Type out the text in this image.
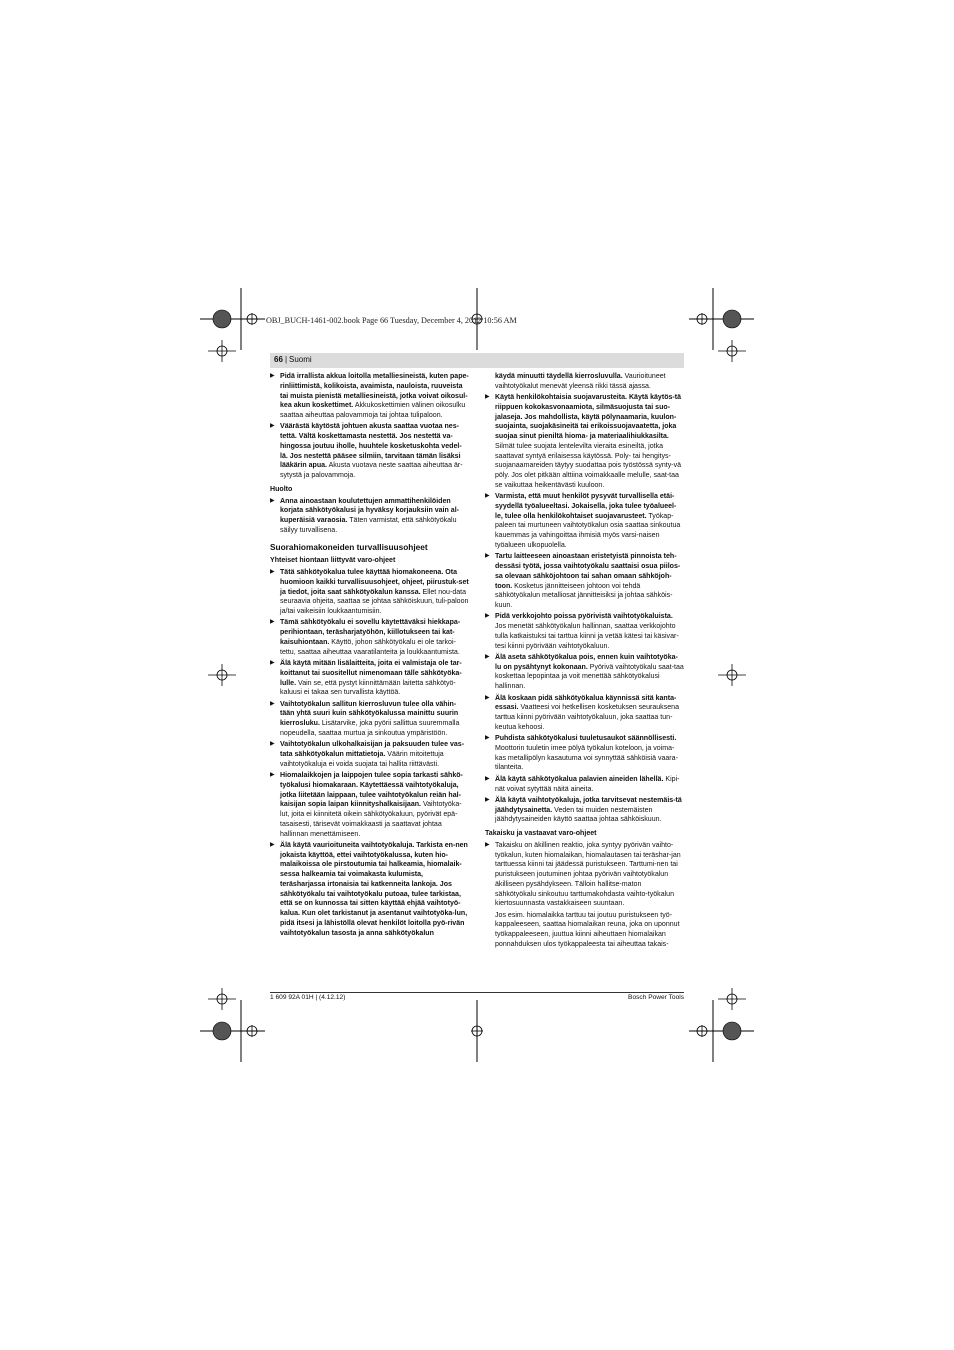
OBJ_BUCH-1461-002.book Page 66 Tuesday, December 4, 2012 10:56 AM
66 | Suomi
▶ Pidä irrallista akkua loitolla metalliesineistä, kuten pape-rinliittimistä, kolikoista, avaimista, nauloista, ruuveista tai muista pienistä metalliesineistä, jotka voivat oikosul-kea akun koskettimet. Akkukoskettimien välinen oikosulku saattaa aiheuttaa palovammoja tai johtaa tulipaloon.
▶ Väärästä käytöstä johtuen akusta saattaa vuotaa nes-tettä. Vältä koskettamasta nestettä. Jos nestettä va-hingossa joutuu iholle, huuhtele kosketuskohta vedel-lä. Jos nestettä pääsee silmiin, tarvitaan tämän lisäksi lääkärin apua. Akusta vuotava neste saattaa aiheuttaa är-sytystä ja palovammoja.
Huolto
▶ Anna ainoastaan koulutettujen ammattihenkilöiden korjata sähkötyökalusi ja hyväksy korjauksiin vain al-kuperäisiä varaosia. Täten varmistat, että sähkötyökalu säilyy turvallisena.
Suorahiomakoneiden turvallisuusohjeet
Yhteiset hiontaan liittyvät varo-ohjeet
▶ Tätä sähkötyökalua tulee käyttää hiomakoneena. Ota huomioon kaikki turvallisuusohjeet, ohjeet, piirustuk-set ja tiedot, joita saat sähkötyökalun kanssa. Ellet nou-data seuraavia ohjeita, saattaa se johtaa sähköiskuun, tuli-paloon ja/tai vaikeisiin loukkaantumisiin.
▶ Tämä sähkötyökalu ei sovellu käytettäväksi hiekkapa-perihiontaan, teräsharjatyöhön, kiillotukseen tai kat-kaisuhiontaan. Käyttö, johon sähkötyökalu ei ole tarkoi-tettu, saattaa aiheuttaa vaaratilanteita ja loukkaantumista.
▶ Älä käytä mitään lisälaitteita, joita ei valmistaja ole tar-koittanut tai suositellut nimenomaan tälle sähkötyöka-lulle. Vain se, että pystyt kiinnittämään laitetta sähkötyö-kaluusi ei takaa sen turvallista käyttöä.
▶ Vaihtotyökalun sallitun kierrosluvun tulee olla vähin-tään yhtä suuri kuin sähkötyökalussa mainittu suurin kierrosluku. Lisätarvike, joka pyörii sallittua suuremmalla nopeudella, saattaa murtua ja sinkoutua ympäristöön.
▶ Vaihtotyökalun ulkohalkaisijan ja paksuuden tulee vas-tata sähkötyökalun mittatietoja. Väärin mitoitettuja vaihtotyökaluja ei voida suojata tai hallita riittävästi.
▶ Hiomalaikkojen ja laippojen tulee sopia tarkasti sähkö-työkalusi hiomakaraan. Käytettäessä vaihtotyökaluja, jotka liitetään laippaan, tulee vaihtotyökalun reiän hal-kaisijan sopia laipan kiinnityshalkaisijaan. Vaihtotyöka-lut, joita ei kiinnitetä oikein sähkötyökaluun, pyörivät epä-tasaisesti, tärisevät voimakkaasti ja saattavat johtaa hallinnan menettämiseen.
▶ Älä käytä vaurioituneita vaihtotyökaluja. Tarkista en-nen jokaista käyttöä, ettei vaihtotyökalussa, kuten hio-malaikoissa ole pirstoutumia tai halkeamia, hiomalaik-sessa halkeamia tai voimakasta kulumista, teräsharjassa irtonaisia tai katkenneita lankoja. Jos sähkötyökalu tai vaihtotyökalu putoaa, tulee tarkistaa, että se on kunnossa tai sitten käyttää ehjää vaihtotyö-kalua. Kun olet tarkistanut ja asentanut vaihtotyöka-lun, pidä itsesi ja lähistöllä olevat henkilöt loitolla pyö-rivän vaihtotyökalun tasosta ja anna sähkötyökalun
käydä minuutti täydellä kierrosluvulla. Vaurioituneet vaihtotyökalut menevät yleensä rikki tässä ajassa.
▶ Käytä henkilökohtaisia suojavarusteita. Käytä käytös-tä riippuen kokokasvonaamiota, silmäsuojusta tai suo-jalaseja. Jos mahdollista, käytä pölynaamaria, kuulon-suojainta, suojakäsineitä tai erikoissuojavaatetta, joka suojaa sinut pieniltä hioma- ja materiaalihiukkasilta. Silmät tulee suojata lentelevilta vieraita esineiltä, jotka saattavat syntyä erilaisessa käytössä. Poly- tai hengitys-suojanaamareiden täytyy suodattaa pois työstössä synty-vä pöly. Jos olet pitkään alttiina voimakkaalle melulle, saat-taa se vaikuttaa heikentävästi kuuloon.
▶ Varmista, että muut henkilöt pysyvät turvallisella etäi-syydellä työalueeltasi. Jokaisella, joka tulee työalueel-le, tulee olla henkilökohtaiset suojavarusteet. Työkap-paleen tai murtuneen vaihtotyökalun osia saattaa sinkoutua kauemmas ja vahingoittaa ihmisiä myös varsi-naisen työalueen ulkopuolella.
▶ Tartu laitteeseen ainoastaan eristetyistä pinnoista teh-dessäsi työtä, jossa vaihtotyökalu saattaisi osua piilos-sa olevaan sähköjohtoon tai sahan omaan sähköjoh-toon. Kosketus jännitteiseen johtoon voi tehdä sähkötyökalun metalliosat jännitteisiksi ja johtaa sähköis-kuun.
▶ Pidä verkkojohto poissa pyörivistä vaihtotyökaluista. Jos menetät sähkötyökalun hallinnan, saattaa verkkojohto tulla katkaistuksi tai tarttua kiinni ja vetää kätesi tai käsivar-tesi kiinni pyörivään vaihtotyökaluun.
▶ Älä aseta sähkötyökalua pois, ennen kuin vaihtotyöka-lu on pysähtynyt kokonaan. Pyörivä vaihtotyökalu saat-taa koskettaa lepopintaa ja voit menettää sähkötyökalusi hallinnan.
▶ Älä koskaan pidä sähkötyökalua käynnissä sitä kanta-essasi. Vaatteesi voi hetkellisen kosketuksen seurauksena tarttua kiinni pyörivään vaihtotyökaluun, joka saattaa tun-keutua kehoosi.
▶ Puhdista sähkötyökalusi tuuletusaukot säännöllisesti. Moottorin tuuletin imee pölyä työkalun koteloon, ja voima-kas metallipölyn kasautuma voi synnyttää sähköisiä vaara-tilanteita.
▶ Älä käytä sähkötyökalua palavien aineiden lähellä. Kipi-nät voivat sytyttää näitä aineita.
▶ Älä käytä vaihtotyökaluja, jotka tarvitsevat nestemäis-tä jäähdytysainetta. Veden tai muiden nestemäisten jäähdytysaineiden käyttö saattaa johtaa sähköiskuun.
Takaisku ja vastaavat varo-ohjeet
▶ Takaisku on äkillinen reaktio, joka syntyy pyörivän vaihto-työkalun, kuten hiomalaikan, hiomalautasen tai teräshar-jan tarttuessa kiinni tai jäädessä puristukseen. Tarttumi-nen tai puristukseen joutuminen johtaa pyörivän vaihtotyökalun äkilliseen pysähdykseen. Tälloin hallitse-maton sähkötyökalu sinkoutuu tarttumakohdasta vaihto-työkalun kiertosuunnasta vastakkaiseen suuntaan.
Jos esim. hiomalaikka tarttuu tai joutuu puristukseen työ-kappaleeseen, saattaa hiomalaikan reuna, joka on uponnut työkappaleeseen, juuttua kiinni aiheuttaen hiomalaikan ponnahduksen ulos työkappaleesta tai aiheuttaa takais-
1 609 92A 01H | (4.12.12)	Bosch Power Tools
